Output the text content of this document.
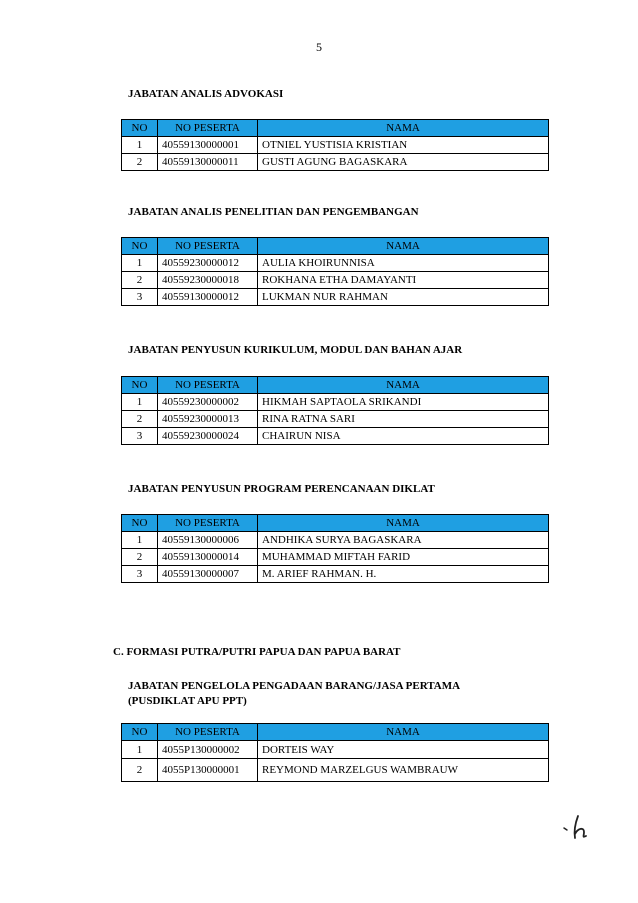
5
JABATAN ANALIS ADVOKASI
NO	NO PESERTA	NAMA
1	40559130000001	OTNIEL YUSTISIA KRISTIAN
2	40559130000011	GUSTI AGUNG BAGASKARA
JABATAN ANALIS PENELITIAN DAN PENGEMBANGAN
NO	NO PESERTA	NAMA
1	40559230000012	AULIA KHOIRUNNISA
2	40559230000018	ROKHANA ETHA DAMAYANTI
3	40559130000012	LUKMAN NUR RAHMAN
JABATAN PENYUSUN KURIKULUM, MODUL DAN BAHAN AJAR
NO	NO PESERTA	NAMA
1	40559230000002	HIKMAH SAPTAOLA SRIKANDI
2	40559230000013	RINA RATNA SARI
3	40559230000024	CHAIRUN NISA
JABATAN PENYUSUN PROGRAM PERENCANAAN DIKLAT
NO	NO PESERTA	NAMA
1	40559130000006	ANDHIKA SURYA BAGASKARA
2	40559130000014	MUHAMMAD MIFTAH FARID
3	40559130000007	M. ARIEF RAHMAN. H.
C. FORMASI PUTRA/PUTRI PAPUA DAN PAPUA BARAT
JABATAN PENGELOLA PENGADAAN BARANG/JASA PERTAMA
(PUSDIKLAT APU PPT)
NO	NO PESERTA	NAMA
1	4055P130000002	DORTEIS WAY
2	4055P130000001	REYMOND MARZELGUS WAMBRAUW
